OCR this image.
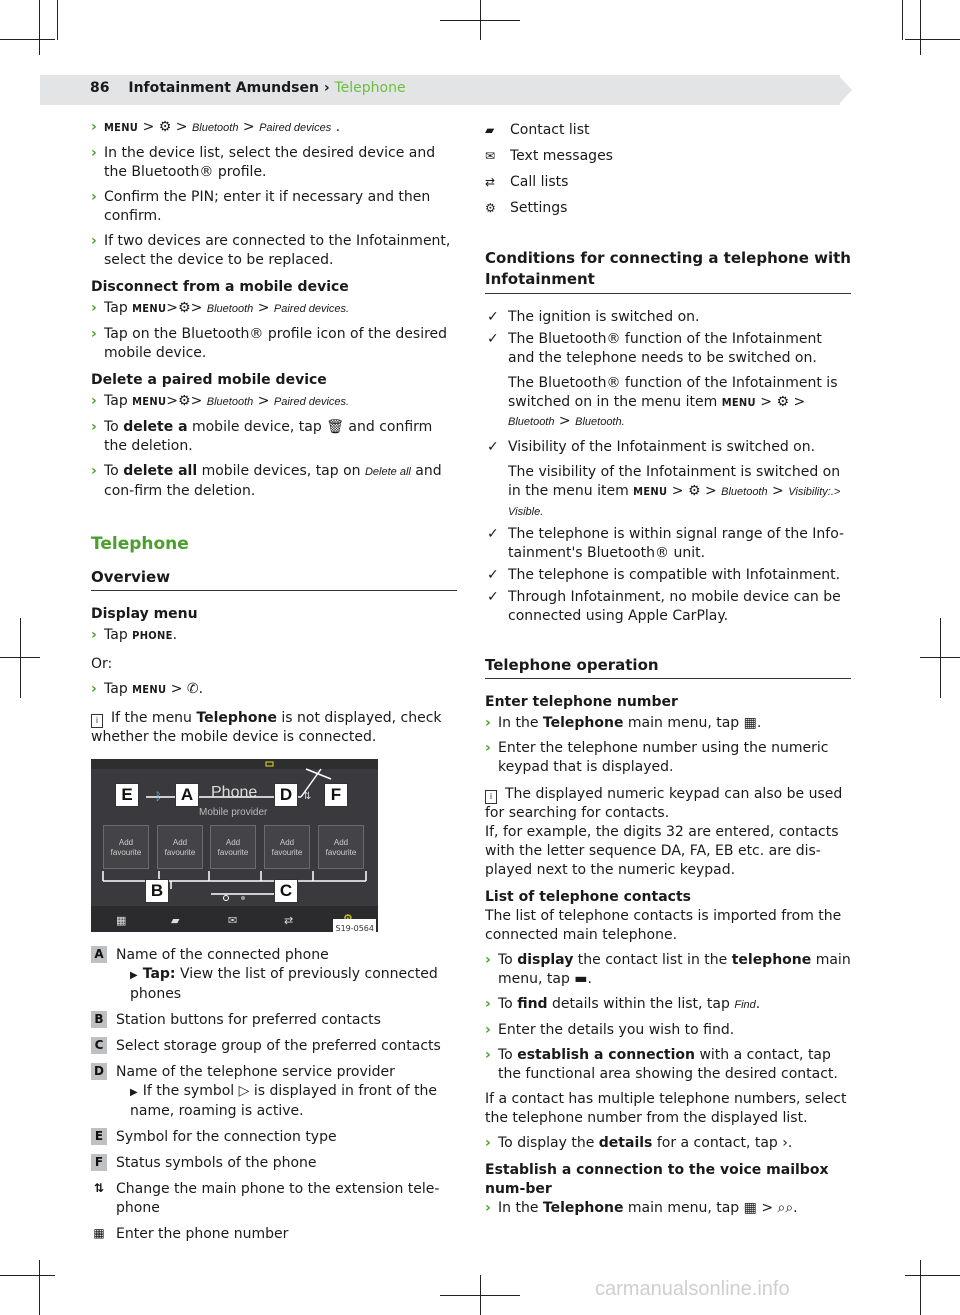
86 Infotainment Amundsen › Telephone
› MENU > ⚙ > Bluetooth > Paired devices .
› In the device list, select the desired device and the Bluetooth® profile.
› Confirm the PIN; enter it if necessary and then confirm.
› If two devices are connected to the Infotainment, select the device to be replaced.
Disconnect from a mobile device
› Tap MENU>⚙> Bluetooth > Paired devices.
› Tap on the Bluetooth® profile icon of the desired mobile device.
Delete a paired mobile device
› Tap MENU>⚙> Bluetooth > Paired devices.
› To delete a mobile device, tap 🗑 and confirm the deletion.
› To delete all mobile devices, tap on Delete all and con-firm the deletion.
Telephone
Overview
Display menu
› Tap PHONE.
Or:
› Tap MENU > ✆.
i If the menu Telephone is not displayed, check whether the mobile device is connected.
E	ᛒ	A	Phone
Mobile provider
D	⇅	F
Add favourite
Add favourite
Add favourite
Add favourite
Add favourite
B	C
▦	▰	✉	⇄
S19-0564
A Name of the connected phone
▶ Tap: View the list of previously connected phones
B Station buttons for preferred contacts
C Select storage group of the preferred contacts
D Name of the telephone service provider
▶ If the symbol ▷ is displayed in front of the name, roaming is active.
E Symbol for the connection type
F Status symbols of the phone
⇅ Change the main phone to the extension tele-phone
▦ Enter the phone number
▰ Contact list
✉ Text messages
⇄ Call lists
⚙ Settings
Conditions for connecting a telephone with Infotainment
✓ The ignition is switched on.
✓ The Bluetooth® function of the Infotainment and the telephone needs to be switched on.
The Bluetooth® function of the Infotainment is switched on in the menu item MENU > ⚙ > Bluetooth > Bluetooth.
✓ Visibility of the Infotainment is switched on.
The visibility of the Infotainment is switched on in the menu item MENU > ⚙ > Bluetooth > Visibility:.> Visible.
✓ The telephone is within signal range of the Info-tainment's Bluetooth® unit.
✓ The telephone is compatible with Infotainment.
✓ Through Infotainment, no mobile device can be connected using Apple CarPlay.
Telephone operation
Enter telephone number
› In the Telephone main menu, tap ▦.
› Enter the telephone number using the numeric keypad that is displayed.
i The displayed numeric keypad can also be used for searching for contacts.
If, for example, the digits 32 are entered, contacts with the letter sequence DA, FA, EB etc. are dis-played next to the numeric keypad.
List of telephone contacts
The list of telephone contacts is imported from the connected main telephone.
› To display the contact list in the telephone main menu, tap ▬.
› To find details within the list, tap Find.
› Enter the details you wish to find.
› To establish a connection with a contact, tap the functional area showing the desired contact.
If a contact has multiple telephone numbers, select the telephone number from the displayed list.
› To display the details for a contact, tap ›.
Establish a connection to the voice mailbox num-ber
› In the Telephone main menu, tap ▦ > ⌕⌕.
carmanualsonline.info
